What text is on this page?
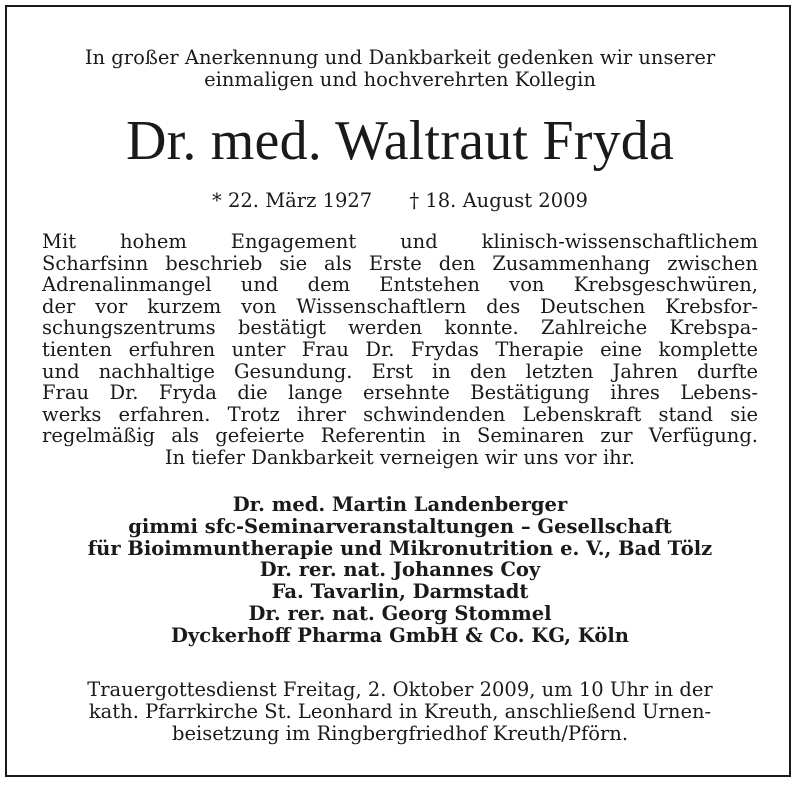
In großer Anerkennung und Dankbarkeit gedenken wir unserer
einmaligen und hochverehrten Kollegin
Dr. med. Waltraut Fryda
* 22. März 1927 † 18. August 2009
Mit hohem Engagement und klinisch-wissenschaftlichem
Scharfsinn beschrieb sie als Erste den Zusammenhang zwischen
Adrenalinmangel und dem Entstehen von Krebsgeschwüren,
der vor kurzem von Wissenschaftlern des Deutschen Krebsfor-
schungszentrums bestätigt werden konnte. Zahlreiche Krebspa-
tienten erfuhren unter Frau Dr. Frydas Therapie eine komplette
und nachhaltige Gesundung. Erst in den letzten Jahren durfte
Frau Dr. Fryda die lange ersehnte Bestätigung ihres Lebens-
werks erfahren. Trotz ihrer schwindenden Lebenskraft stand sie
regelmäßig als gefeierte Referentin in Seminaren zur Verfügung.
In tiefer Dankbarkeit verneigen wir uns vor ihr.
Dr. med. Martin Landenberger
gimmi sfc-Seminarveranstaltungen – Gesellschaft
für Bioimmuntherapie und Mikronutrition e. V., Bad Tölz
Dr. rer. nat. Johannes Coy
Fa. Tavarlin, Darmstadt
Dr. rer. nat. Georg Stommel
Dyckerhoff Pharma GmbH & Co. KG, Köln
Trauergottesdienst Freitag, 2. Oktober 2009, um 10 Uhr in der
kath. Pfarrkirche St. Leonhard in Kreuth, anschließend Urnen-
beisetzung im Ringbergfriedhof Kreuth/Pförn.
